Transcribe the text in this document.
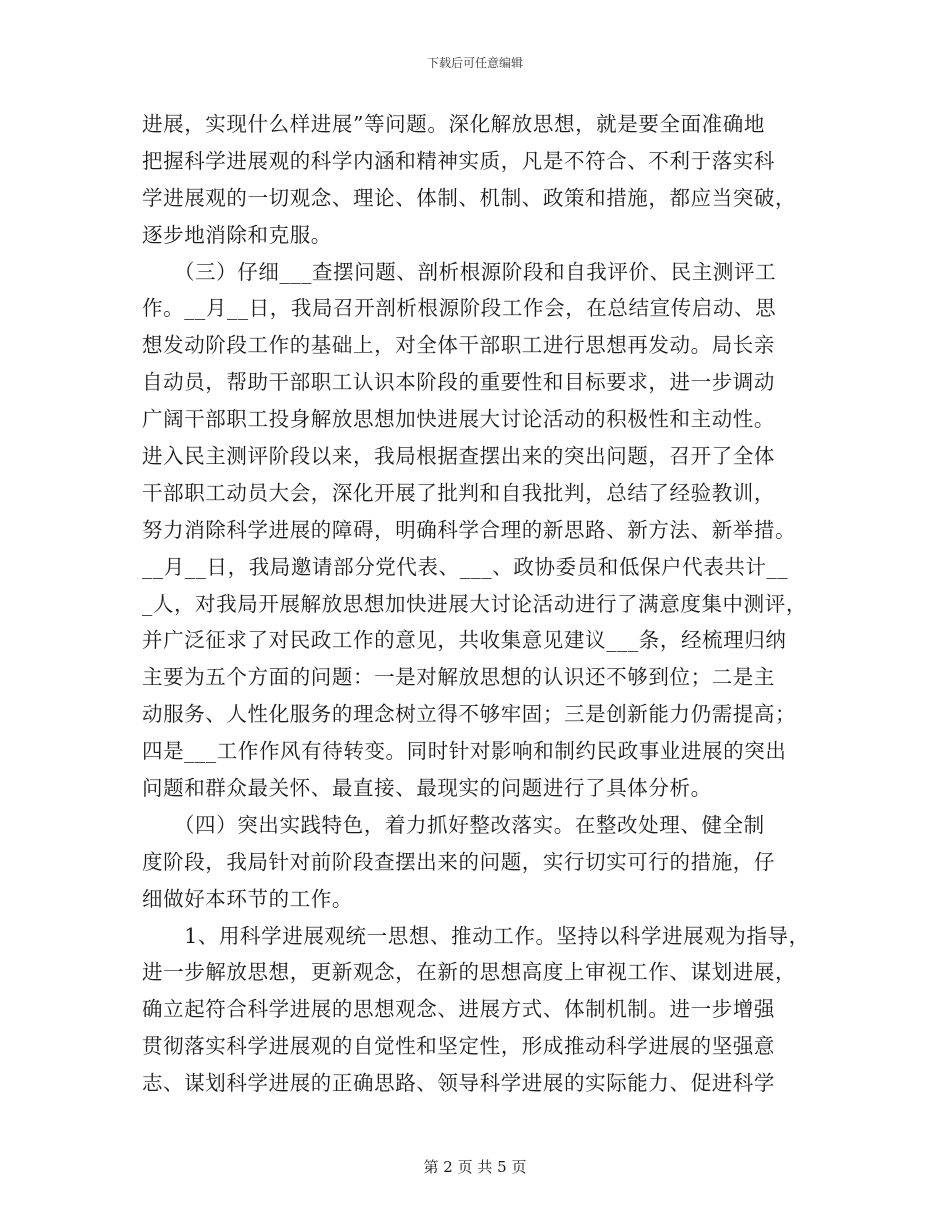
下载后可任意编辑
进展，实现什么样进展”等问题。深化解放思想，就是要全面准确地
把握科学进展观的科学内涵和精神实质，凡是不符合、不利于落实科
学进展观的一切观念、理论、体制、机制、政策和措施，都应当突破，
逐步地消除和克服。
　　（三）仔细___查摆问题、剖析根源阶段和自我评价、民主测评工
作。__月__日，我局召开剖析根源阶段工作会，在总结宣传启动、思
想发动阶段工作的基础上，对全体干部职工进行思想再发动。局长亲
自动员，帮助干部职工认识本阶段的重要性和目标要求，进一步调动
广阔干部职工投身解放思想加快进展大讨论活动的积极性和主动性。
进入民主测评阶段以来，我局根据查摆出来的突出问题，召开了全体
干部职工动员大会，深化开展了批判和自我批判，总结了经验教训，
努力消除科学进展的障碍，明确科学合理的新思路、新方法、新举措。
__月__日，我局邀请部分党代表、___、政协委员和低保户代表共计__
_人，对我局开展解放思想加快进展大讨论活动进行了满意度集中测评，
并广泛征求了对民政工作的意见，共收集意见建议___条，经梳理归纳
主要为五个方面的问题：一是对解放思想的认识还不够到位；二是主
动服务、人性化服务的理念树立得不够牢固；三是创新能力仍需提高；
四是___工作作风有待转变。同时针对影响和制约民政事业进展的突出
问题和群众最关怀、最直接、最现实的问题进行了具体分析。
　　（四）突出实践特色，着力抓好整改落实。在整改处理、健全制
度阶段，我局针对前阶段查摆出来的问题，实行切实可行的措施，仔
细做好本环节的工作。
　　1、用科学进展观统一思想、推动工作。坚持以科学进展观为指导，
进一步解放思想，更新观念，在新的思想高度上审视工作、谋划进展，
确立起符合科学进展的思想观念、进展方式、体制机制。进一步增强
贯彻落实科学进展观的自觉性和坚定性，形成推动科学进展的坚强意
志、谋划科学进展的正确思路、领导科学进展的实际能力、促进科学
第 2 页 共 5 页
